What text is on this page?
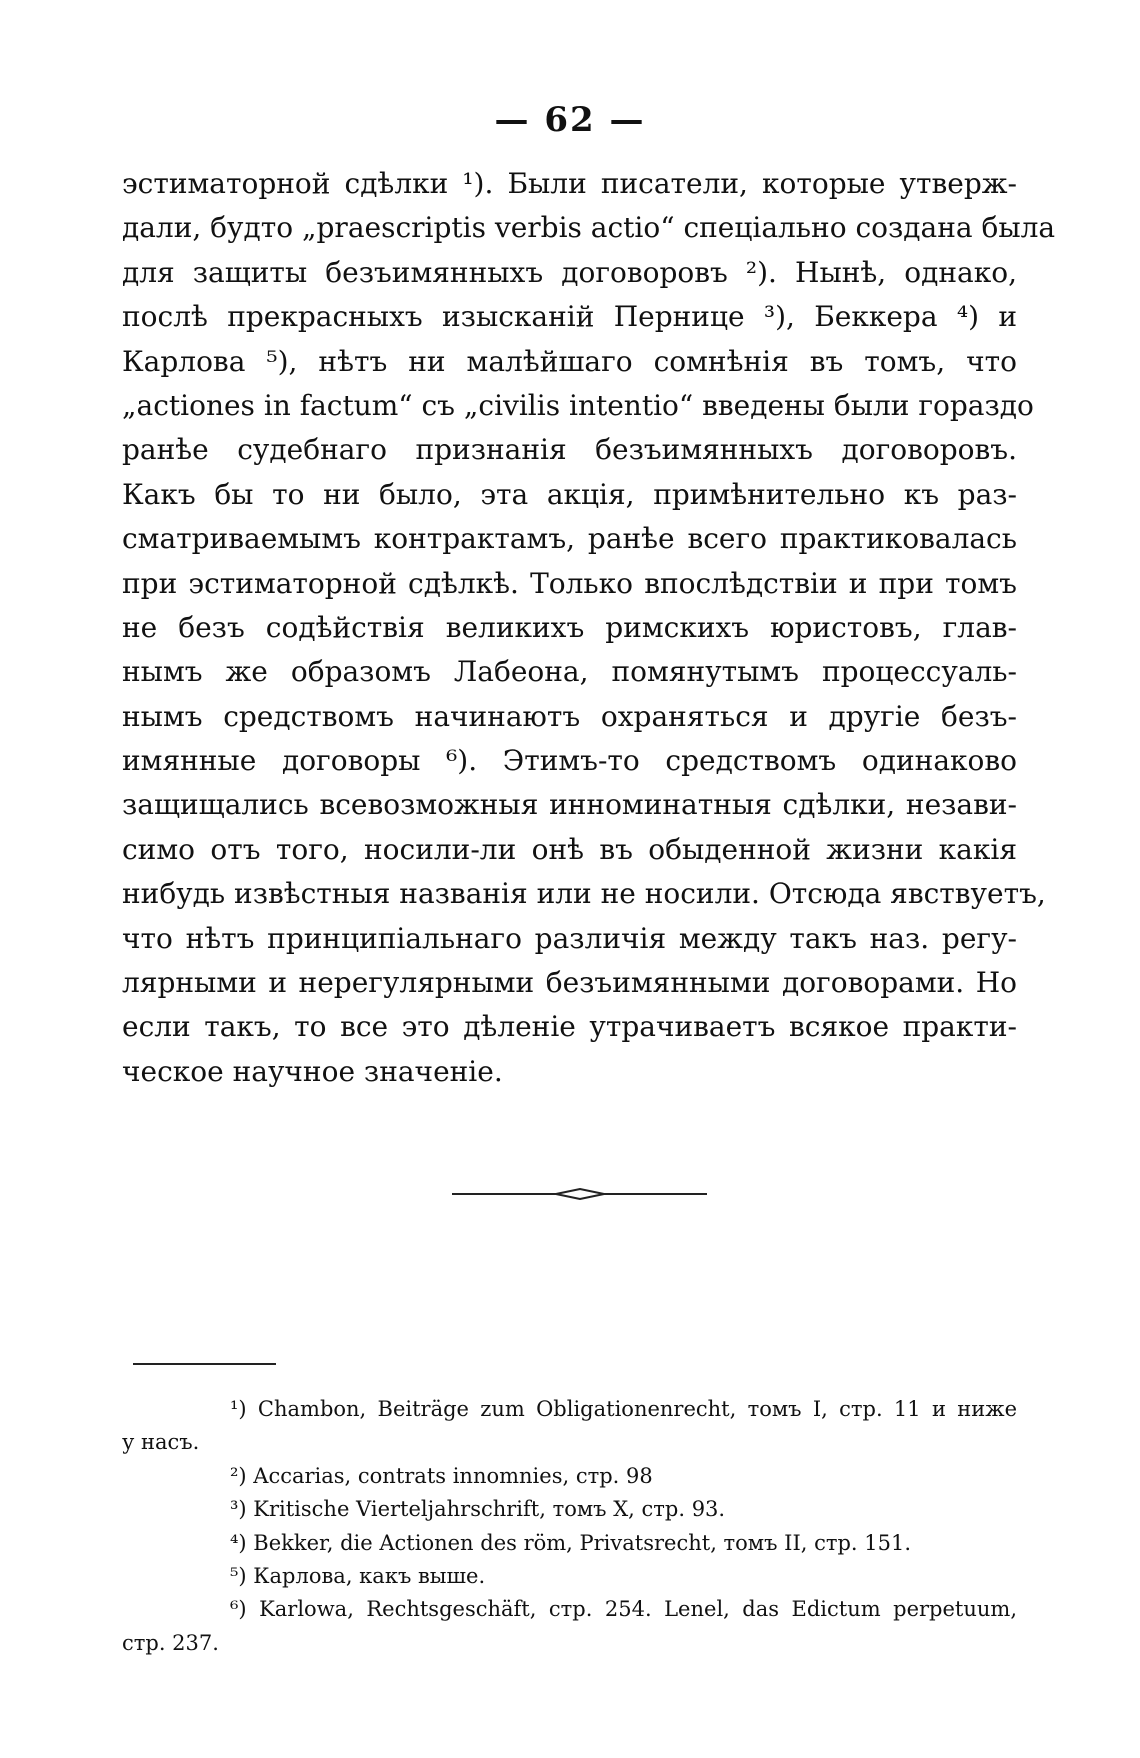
— 62 —
эстиматорной сдѣлки ¹). Были писатели, которые утверж-
дали, будто „praescriptis verbis actio“ спеціально создана была
для защиты безъимянныхъ договоровъ ²). Нынѣ, однако,
послѣ прекрасныхъ изысканій Пернице ³), Беккера ⁴) и
Карлова ⁵), нѣтъ ни малѣйшаго сомнѣнія въ томъ, что
„actiones in factum“ съ „civilis intentio“ введены были гораздо
ранѣе судебнаго признанія безъимянныхъ договоровъ.
Какъ бы то ни было, эта акція, примѣнительно къ раз-
сматриваемымъ контрактамъ, ранѣе всего практиковалась
при эстиматорной сдѣлкѣ. Только впослѣдствіи и при томъ
не безъ содѣйствія великихъ римскихъ юристовъ, глав-
нымъ же образомъ Лабеона, помянутымъ процессуаль-
нымъ средствомъ начинаютъ охраняться и другіе безъ-
имянные договоры ⁶). Этимъ-то средствомъ одинаково
защищались всевозможныя инноминатныя сдѣлки, незави-
симо отъ того, носили-ли онѣ въ обыденной жизни какія
нибудь извѣстныя названія или не носили. Отсюда явствуетъ,
что нѣтъ принципіальнаго различія между такъ наз. регу-
лярными и нерегулярными безъимянными договорами. Но
если такъ, то все это дѣленіе утрачиваетъ всякое практи-
ческое научное значеніе.
¹) Chambon, Beiträge zum Obligationenrecht, томъ I, стр. 11 и ниже
у насъ.
²) Accarias, contrats innomnies, стр. 98
³) Kritische Vierteljahrschrift, томъ X, стр. 93.
⁴) Bekker, die Actionen des röm, Privatsrecht, томъ II, стр. 151.
⁵) Карлова, какъ выше.
⁶) Karlowa, Rechtsgeschäft, стр. 254. Lenel, das Edictum perpetuum,
стр. 237.
